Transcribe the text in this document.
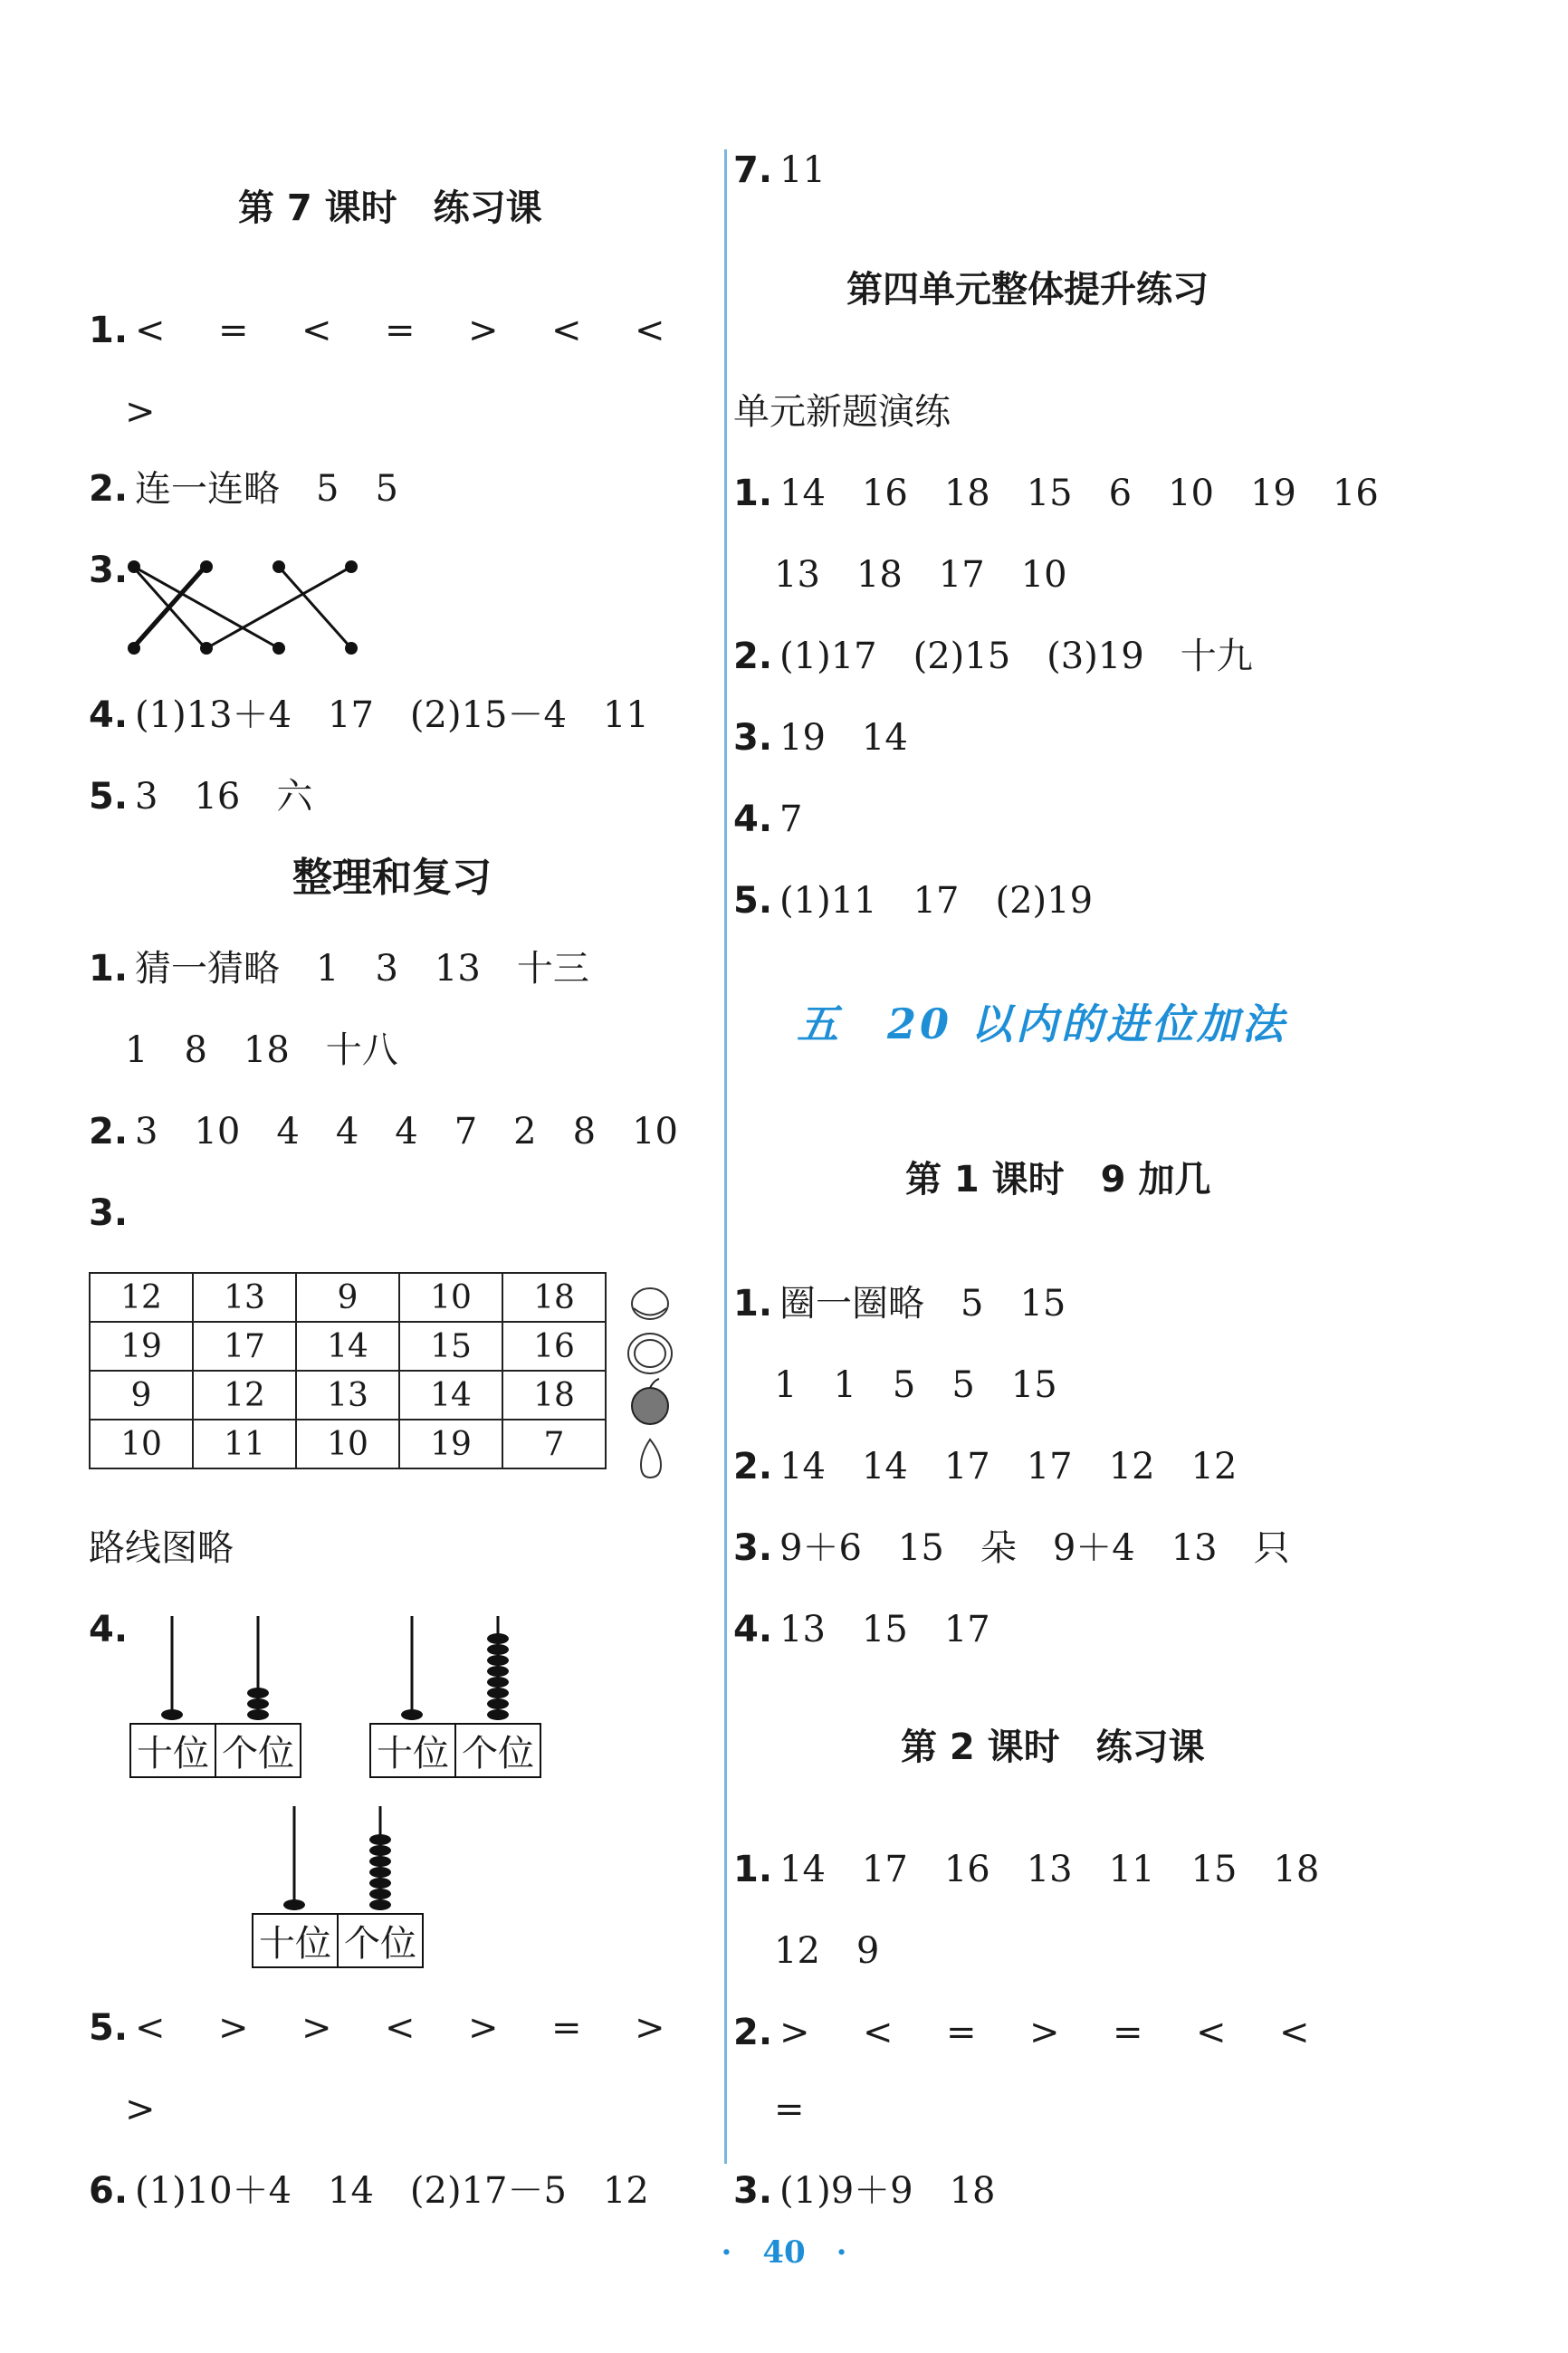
第 7 课时　练习课
1. < = < = > < <
>
2. 连一连略　5　5
3.
4. (1)13＋4　17　(2)15－4　11
5. 3　16　六
整理和复习
1. 猜一猜略　1　3　13　十三
1　8　18　十八
2. 3　10　4　4　4　7　2　8　10
3.
12	13	9	10	18
19	17	14	15	16
9	12	13	14	18
10	11	10	19	7
路线图略
4.
十位 个位 十位 个位
十位 个位
5. < > > < > = >
>
6. (1)10＋4　14　(2)17－5　12
7. 11
第四单元整体提升练习
单元新题演练
1. 14　16　18　15　6　10　19　16
13　18　17　10
2. (1)17　(2)15　(3)19　十九
3. 19　14
4. 7
5. (1)11　17　(2)19
五　20 以内的进位加法
第 1 课时　9 加几
1. 圈一圈略　5　15
1　1　5　5　15
2. 14　14　17　17　12　12
3. 9＋6　15　朵　9＋4　13　只
4. 13　15　17
第 2 课时　练习课
1. 14　17　16　13　11　15　18
12　9
2. > < = > = < <
=
3. (1)9＋9　18
·　40　·
